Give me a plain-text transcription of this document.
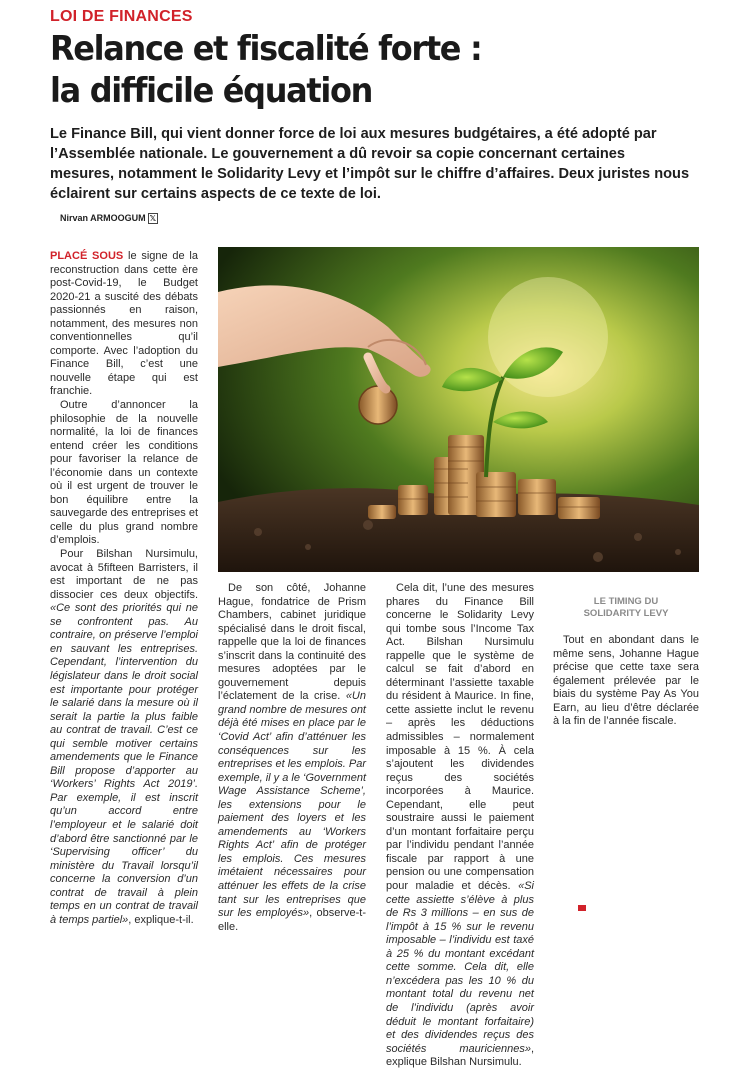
LOI DE FINANCES
Relance et fiscalité forte :
la difficile équation
Le Finance Bill, qui vient donner force de loi aux mesures budgétaires, a été adopté par l’Assemblée nationale. Le gouvernement a dû revoir sa copie concernant certaines mesures, notamment le Solidarity Levy et l’impôt sur le chiffre d’affaires. Deux juristes nous éclairent sur certains aspects de ce texte de loi.
Nirvan ARMOOGUM 𝕏

PLACÉ SOUS le signe de la reconstruction dans cette ère post-Covid-19, le Budget 2020-21 a suscité des débats passionnés en raison, notamment, des mesures non conventionnelles qu’il comporte. Avec l’adoption du Finance Bill, c’est une nouvelle étape qui est franchie.

Outre d’annoncer la philosophie de la nouvelle normalité, la loi de finances entend créer les conditions pour favoriser la relance de l’économie dans un contexte où il est urgent de trouver le bon équilibre entre la sauvegarde des entreprises et celle du plus grand nombre d’emplois.

Pour Bilshan Nursimulu, avocat à 5fifteen Barristers, il est important de ne pas dissocier ces deux objectifs. «Ce sont des priorités qui ne se confrontent pas. Au contraire, on préserve l’emploi en sauvant les entreprises. Cependant, l’intervention du législateur dans le droit social est importante pour protéger le salarié dans la mesure où il serait la partie la plus faible au contrat de travail. C’est ce qui semble motiver certains amendements que le Finance Bill propose d’apporter au ‘Workers’ Rights Act 2019’. Par exemple, il est inscrit qu’un accord entre l’employeur et le salarié doit d’abord être sanctionné par le ‘Supervising officer’ du ministère du Travail lorsqu’il concerne la conversion d’un contrat de travail à plein temps en un contrat de travail à temps partiel», explique-t-il.

De son côté, Johanne Hague, fondatrice de Prism Chambers, cabinet juridique spécialisé dans le droit fiscal, rappelle que la loi de finances s’inscrit dans la continuité des mesures adoptées par le gouvernement depuis l’éclatement de la crise. «Un grand nombre de mesures ont déjà été mises en place par le ‘Covid Act’ afin d’atténuer les conséquences sur les entreprises et les emplois. Par exemple, il y a le ‘Government Wage Assistance Scheme’, les extensions pour le paiement des loyers et les amendements au ‘Workers Rights Act’ afin de protéger les emplois. Ces mesures imétaient nécessaires pour atténuer les effets de la crise tant sur les entreprises que sur les employés», observe-t-elle.

Cela dit, l’une des mesures phares du Finance Bill concerne le Solidarity Levy qui tombe sous l’Income Tax Act. Bilshan Nursimulu rappelle que le système de calcul se fait d’abord en déterminant l’assiette taxable du résident à Maurice. In fine, cette assiette inclut le revenu – après les déductions admissibles – normalement imposable à 15 %. À cela s’ajoutent les dividendes reçus des sociétés incorporées à Maurice. Cependant, elle peut soustraire aussi le paiement d’un montant forfaitaire perçu par l’individu pendant l’année fiscale par rapport à une pension ou une compensation pour maladie et décès. «Si cette assiette s’élève à plus de Rs 3 millions – en sus de l’impôt à 15 % sur le revenu imposable – l’individu est taxé à 25 % du montant excédant cette somme. Cela dit, elle n’excédera pas les 10 % du montant total du revenu net de l’individu (après avoir déduit le montant forfaitaire) et des dividendes reçus des sociétés mauriciennes», explique Bilshan Nursimulu.

LE TIMING DU
SOLIDARITY LEVY

Tout en abondant dans le même sens, Johanne Hague précise que cette taxe sera également prélevée par le biais du système Pay As You Earn, au lieu d’être déclarée à la fin de l’année fiscale.
